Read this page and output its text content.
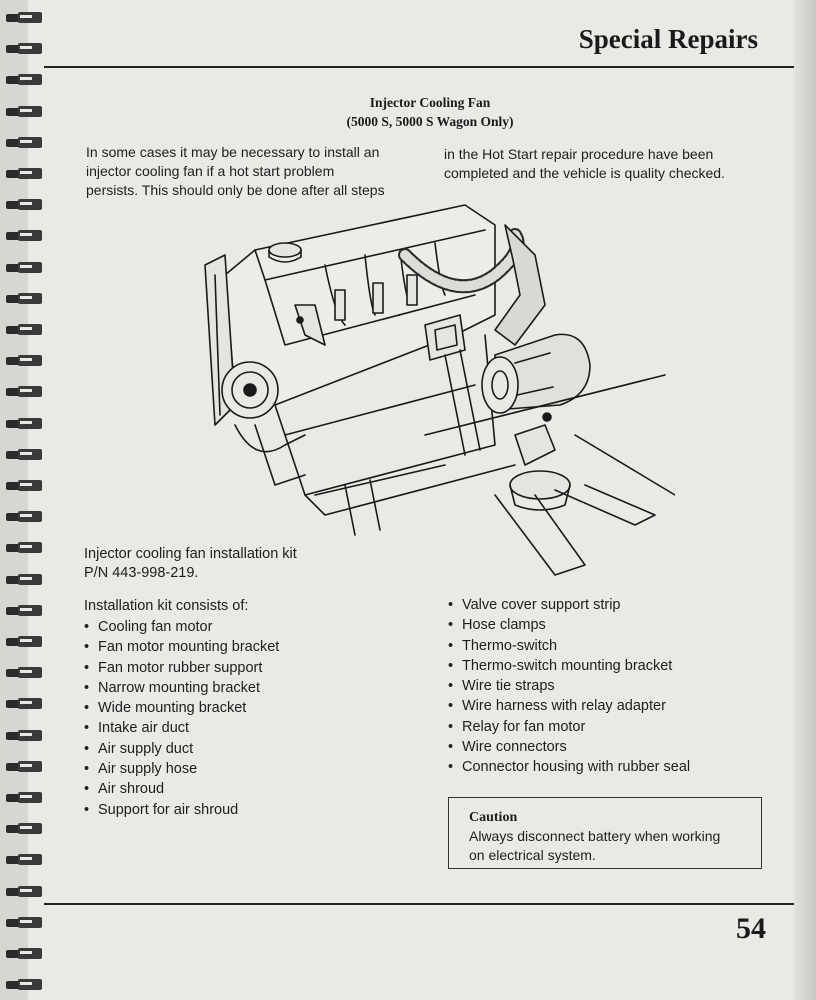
Special Repairs
Injector Cooling Fan
(5000 S, 5000 S Wagon Only)
In some cases it may be necessary to install an
injector cooling fan if a hot start problem
persists. This should only be done after all steps
in the Hot Start repair procedure have been
completed and the vehicle is quality checked.
Injector cooling fan installation kit
P/N 443-998-219.
Installation kit consists of:
• Cooling fan motor
• Fan motor mounting bracket
• Fan motor rubber support
• Narrow mounting bracket
• Wide mounting bracket
• Intake air duct
• Air supply duct
• Air supply hose
• Air shroud
• Support for air shroud
• Valve cover support strip
• Hose clamps
• Thermo-switch
• Thermo-switch mounting bracket
• Wire tie straps
• Wire harness with relay adapter
• Relay for fan motor
• Wire connectors
• Connector housing with rubber seal
Caution
Always disconnect battery when working
on electrical system.
54
